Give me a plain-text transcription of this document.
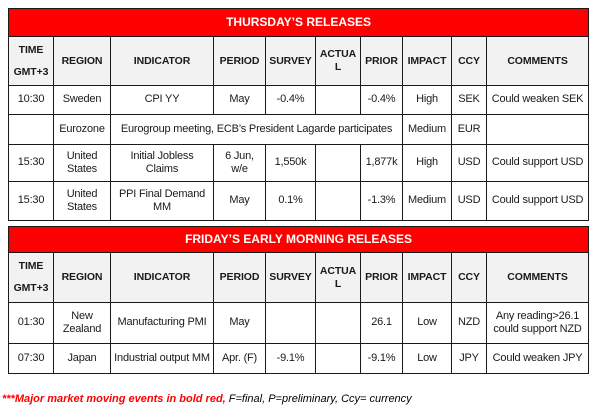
THURSDAY’S RELEASES									

TIME
GMT+3	REGION	INDICATOR	PERIOD	SURVEY	ACTUAL	PRIOR	IMPACT	CCY	COMMENTS
10:30	Sweden	CPI YY	May	-0.4%		-0.4%	High	SEK	Could weaken SEK
	Eurozone	Eurogroup meeting, ECB’s President Lagarde participates					Medium	EUR	
15:30	United States	Initial Jobless Claims	6 Jun, w/e	1,550k		1,877k	High	USD	Could support USD
15:30	United States	PPI Final Demand MM	May	0.1%		-1.3%	Medium	USD	Could support USD
FRIDAY’S EARLY MORNING RELEASES									

TIME
GMT+3	REGION	INDICATOR	PERIOD	SURVEY	ACTUAL	PRIOR	IMPACT	CCY	COMMENTS
01:30	New Zealand	Manufacturing PMI	May			26.1	Low	NZD	Any reading>26.1 could support NZD
07:30	Japan	Industrial output MM	Apr. (F)	-9.1%		-9.1%	Low	JPY	Could weaken JPY
***Major market moving events in bold red, F=final, P=preliminary, Ccy= currency
